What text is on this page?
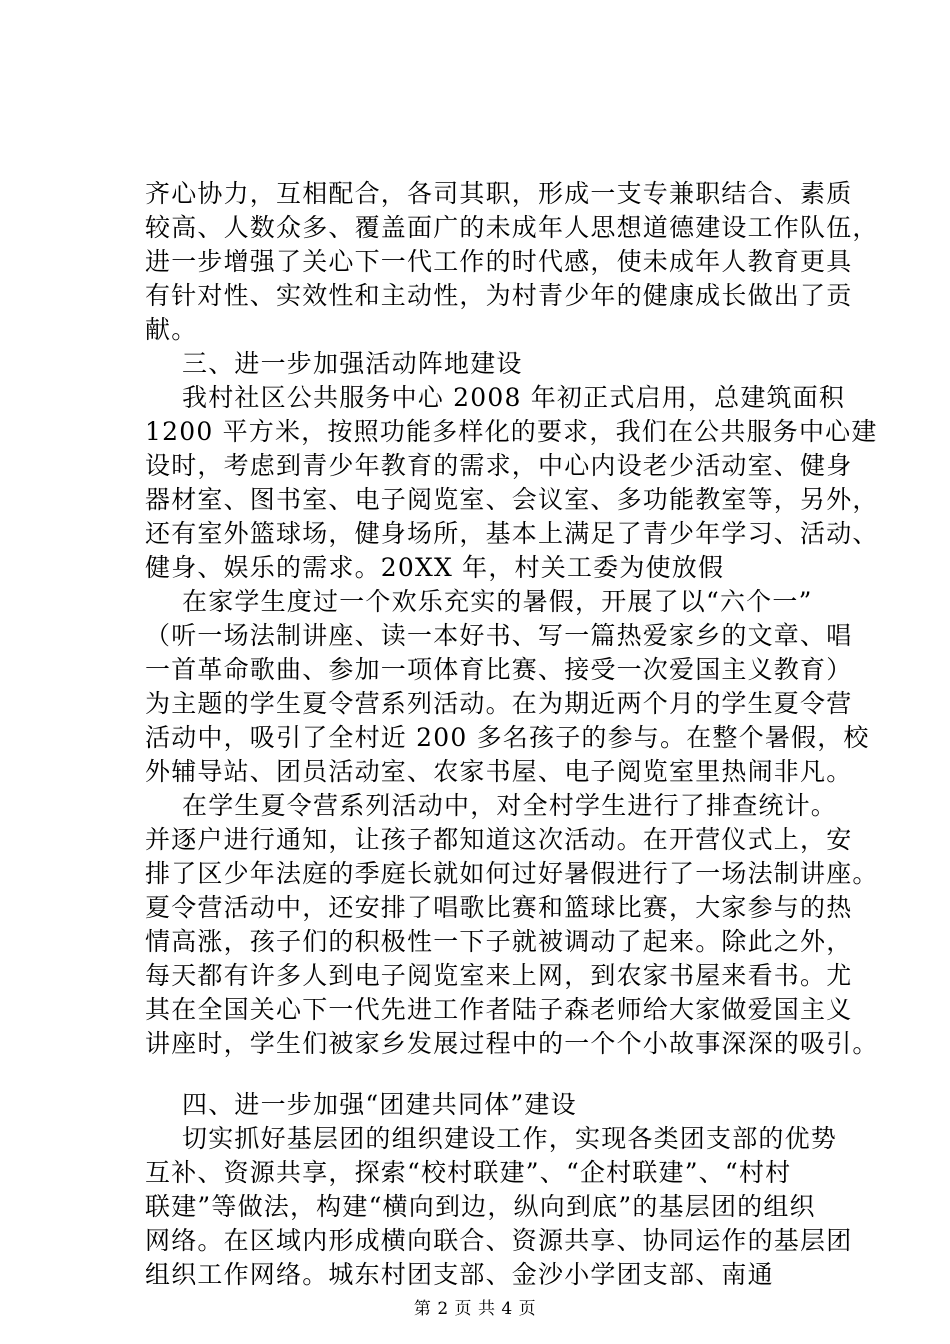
齐心协力，互相配合，各司其职，形成一支专兼职结合、素质
较高、人数众多、覆盖面广的未成年人思想道德建设工作队伍，
进一步增强了关心下一代工作的时代感，使未成年人教育更具
有针对性、实效性和主动性，为村青少年的健康成长做出了贡
献。
三、进一步加强活动阵地建设
我村社区公共服务中心 2008 年初正式启用，总建筑面积
1200 平方米，按照功能多样化的要求，我们在公共服务中心建
设时，考虑到青少年教育的需求，中心内设老少活动室、健身
器材室、图书室、电子阅览室、会议室、多功能教室等，另外，
还有室外篮球场，健身场所，基本上满足了青少年学习、活动、
健身、娱乐的需求。20XX 年，村关工委为使放假
在家学生度过一个欢乐充实的暑假，开展了以“六个一”
（听一场法制讲座、读一本好书、写一篇热爱家乡的文章、唱
一首革命歌曲、参加一项体育比赛、接受一次爱国主义教育）
为主题的学生夏令营系列活动。在为期近两个月的学生夏令营
活动中，吸引了全村近 200 多名孩子的参与。在整个暑假，校
外辅导站、团员活动室、农家书屋、电子阅览室里热闹非凡。
在学生夏令营系列活动中，对全村学生进行了排查统计。
并逐户进行通知，让孩子都知道这次活动。在开营仪式上，安
排了区少年法庭的季庭长就如何过好暑假进行了一场法制讲座。
夏令营活动中，还安排了唱歌比赛和篮球比赛，大家参与的热
情高涨，孩子们的积极性一下子就被调动了起来。除此之外，
每天都有许多人到电子阅览室来上网，到农家书屋来看书。尤
其在全国关心下一代先进工作者陆子森老师给大家做爱国主义
讲座时，学生们被家乡发展过程中的一个个小故事深深的吸引。
四、进一步加强“团建共同体”建设
切实抓好基层团的组织建设工作，实现各类团支部的优势
互补、资源共享，探索“校村联建”、“企村联建”、“村村
联建”等做法，构建“横向到边，纵向到底”的基层团的组织
网络。在区域内形成横向联合、资源共享、协同运作的基层团
组织工作网络。城东村团支部、金沙小学团支部、南通
第 2 页 共 4 页
